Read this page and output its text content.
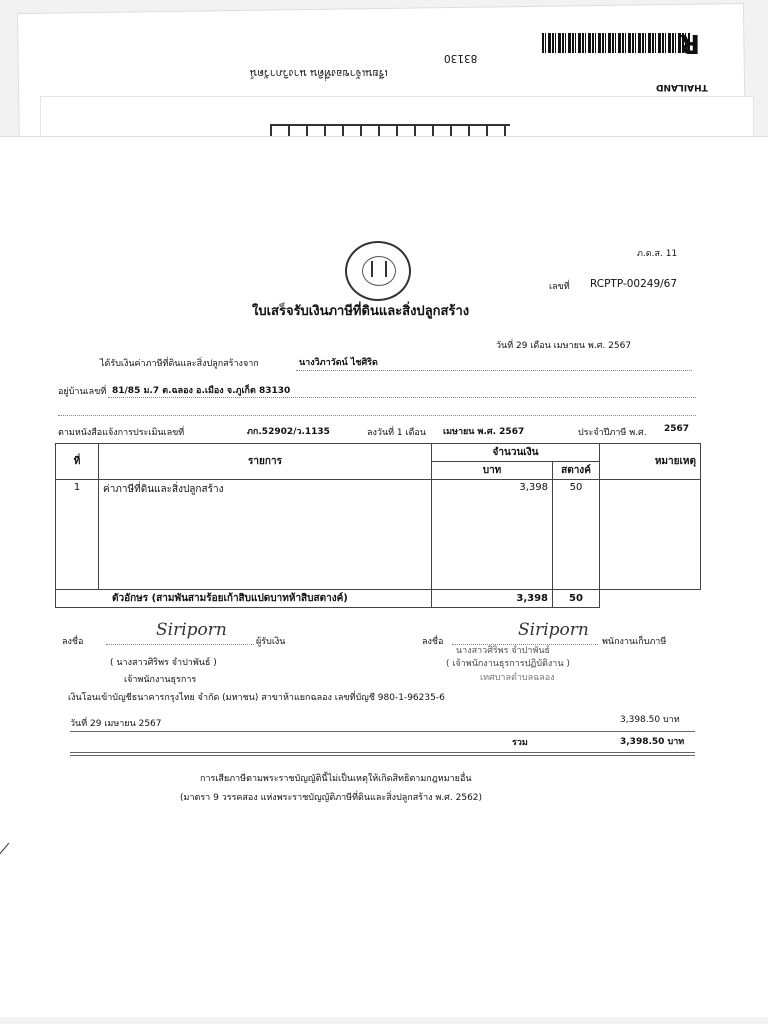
R
THAILAND
เรียนเจ้าของที่ดิน นางวิภาวัดน์
83130
ภ.ด.ส. 11
เลขที่ RCPTP-00249/67
ใบเสร็จรับเงินภาษีที่ดินและสิ่งปลูกสร้าง
วันที่ 29 เดือน เมษายน พ.ศ. 2567
ได้รับเงินค่าภาษีที่ดินและสิ่งปลูกสร้างจาก	นางวิภาวัดน์ ไชศิริด
อยู่บ้านเลขที่ 81/85 ม.7 ต.ฉลอง อ.เมือง จ.ภูเก็ต 83130
ตามหนังสือแจ้งการประเมินเลขที่	ภก.52902/ว.1135	ลงวันที่ 1 เดือน เมษายน พ.ศ. 2567	ประจำปีภาษี พ.ศ. 2567
ที่	รายการ	จำนวนเงิน		หมายเหตุ
		บาท	สตางค์	
1	ค่าภาษีที่ดินและสิ่งปลูกสร้าง	3,398	50	
ตัวอักษร (สามพันสามร้อยเก้าสิบแปดบาทห้าสิบสตางค์)		3,398	50	
ลงชื่อ
Siriporn
ผู้รับเงิน
( นางสาวศิริพร จำปาพันธ์ )
เจ้าพนักงานธุรการ
ลงชื่อ
Siriporn
พนักงานเก็บภาษี
นางสาวศิริพร จำปาพันธ์
( เจ้าพนักงานธุรการปฏิบัติงาน )
เทศบาลตำบลฉลอง
เงินโอนเข้าบัญชีธนาคารกรุงไทย จำกัด (มหาชน) สาขาห้าแยกฉลอง เลขที่บัญชี 980-1-96235-6
วันที่ 29 เมษายน 2567	3,398.50 บาท
รวม	3,398.50 บาท
การเสียภาษีตามพระราชบัญญัตินี้ไม่เป็นเหตุให้เกิดสิทธิตามกฎหมายอื่น
(มาตรา 9 วรรคสอง แห่งพระราชบัญญัติภาษีที่ดินและสิ่งปลูกสร้าง พ.ศ. 2562)
